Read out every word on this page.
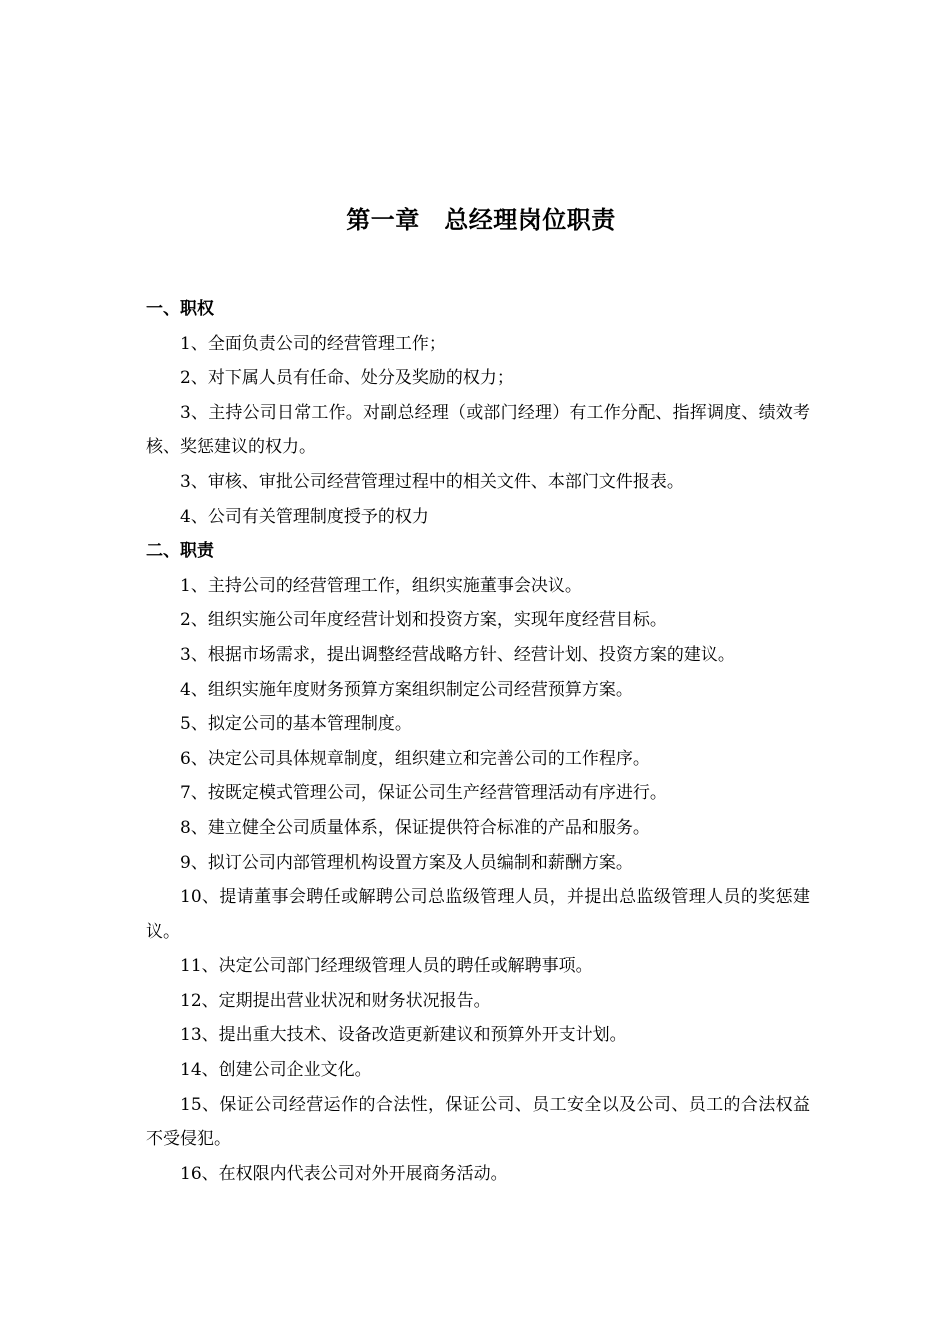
第一章　总经理岗位职责

一、职权

1、全面负责公司的经营管理工作；

2、对下属人员有任命、处分及奖励的权力；

3、主持公司日常工作。对副总经理（或部门经理）有工作分配、指挥调度、绩效考核、奖惩建议的权力。

3、审核、审批公司经营管理过程中的相关文件、本部门文件报表。

4、公司有关管理制度授予的权力

二、职责

1、主持公司的经营管理工作，组织实施董事会决议。

2、组织实施公司年度经营计划和投资方案，实现年度经营目标。

3、根据市场需求，提出调整经营战略方针、经营计划、投资方案的建议。

4、组织实施年度财务预算方案组织制定公司经营预算方案。

5、拟定公司的基本管理制度。

6、决定公司具体规章制度，组织建立和完善公司的工作程序。

7、按既定模式管理公司，保证公司生产经营管理活动有序进行。

8、建立健全公司质量体系，保证提供符合标准的产品和服务。

9、拟订公司内部管理机构设置方案及人员编制和薪酬方案。

10、提请董事会聘任或解聘公司总监级管理人员，并提出总监级管理人员的奖惩建议。

11、决定公司部门经理级管理人员的聘任或解聘事项。

12、定期提出营业状况和财务状况报告。

13、提出重大技术、设备改造更新建议和预算外开支计划。

14、创建公司企业文化。

15、保证公司经营运作的合法性，保证公司、员工安全以及公司、员工的合法权益不受侵犯。

16、在权限内代表公司对外开展商务活动。
